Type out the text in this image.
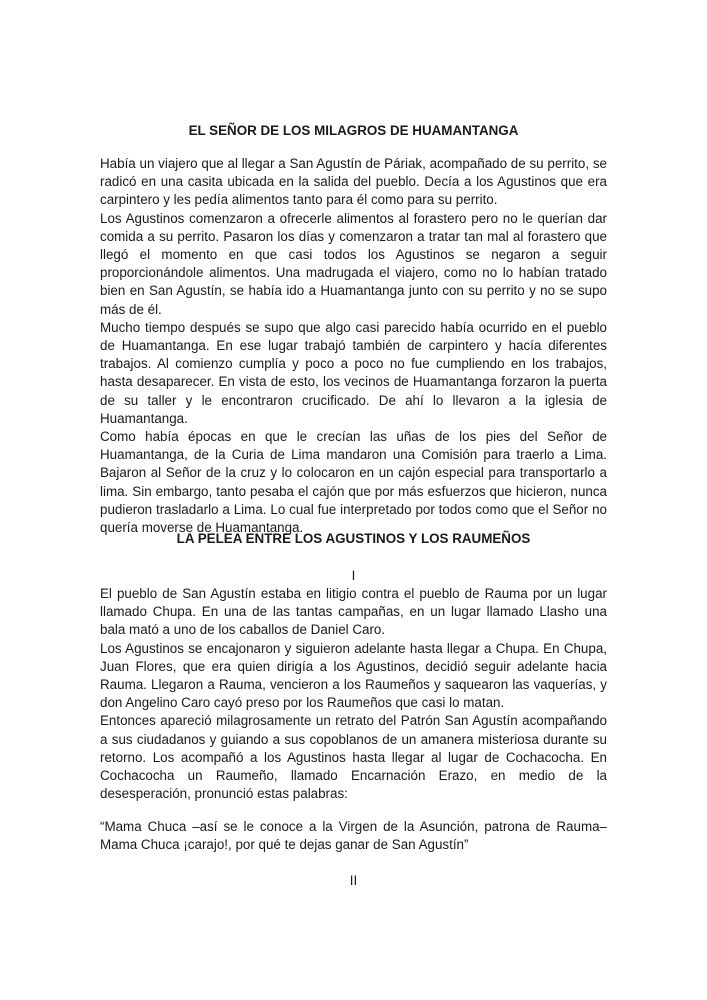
EL SEÑOR DE LOS MILAGROS DE HUAMANTANGA

Había un viajero que al llegar a San Agustín de Páriak, acompañado de su perrito, se radicó en una casita ubicada en la salida del pueblo. Decía a los Agustinos que era carpintero y les pedía alimentos tanto para él como para su perrito.

Los Agustinos comenzaron a ofrecerle alimentos al forastero pero no le querían dar comida a su perrito. Pasaron los días y comenzaron a tratar tan mal al forastero que llegó el momento en que casi todos los Agustinos se negaron a seguir proporcionándole alimentos. Una madrugada el viajero, como no lo habían tratado bien en San Agustín, se había ido a Huamantanga junto con su perrito y no se supo más de él.

Mucho tiempo después se supo que algo casi parecido había ocurrido en el pueblo de Huamantanga. En ese lugar trabajó también de carpintero y hacía diferentes trabajos. Al comienzo cumplía y poco a poco no fue cumpliendo en los trabajos, hasta desaparecer. En vista de esto, los vecinos de Huamantanga forzaron la puerta de su taller y le encontraron crucificado. De ahí lo llevaron a la iglesia de Huamantanga.

Como había épocas en que le crecían las uñas de los pies del Señor de Huamantanga, de la Curia de Lima mandaron una Comisión para traerlo a Lima. Bajaron al Señor de la cruz y lo colocaron en un cajón especial para transportarlo a lima. Sin embargo, tanto pesaba el cajón que por más esfuerzos que hicieron, nunca pudieron trasladarlo a Lima. Lo cual fue interpretado por todos como que el Señor no quería moverse de Huamantanga.

LA PELEA ENTRE LOS AGUSTINOS Y LOS RAUMEÑOS
I

El pueblo de San Agustín estaba en litigio contra el pueblo de Rauma por un lugar llamado Chupa. En una de las tantas campañas, en un lugar llamado Llasho una bala mató a uno de los caballos de Daniel Caro.

Los Agustinos se encajonaron y siguieron adelante hasta llegar a Chupa. En Chupa, Juan Flores, que era quien dirigía a los Agustinos, decidió seguir adelante hacia Rauma. Llegaron a Rauma, vencieron a los Raumeños y saquearon las vaquerías, y don Angelino Caro cayó preso por los Raumeños que casi lo matan.

Entonces apareció milagrosamente un retrato del Patrón San Agustín acompañando a sus ciudadanos y guiando a sus copoblanos de un amanera misteriosa durante su retorno. Los acompañó a los Agustinos hasta llegar al lugar de Cochacocha. En Cochacocha un Raumeño, llamado Encarnación Erazo, en medio de la desesperación, pronunció estas palabras:

“Mama Chuca –así se le conoce a la Virgen de la Asunción, patrona de Rauma– Mama Chuca ¡carajo!, por qué te dejas ganar de San Agustín”

II
